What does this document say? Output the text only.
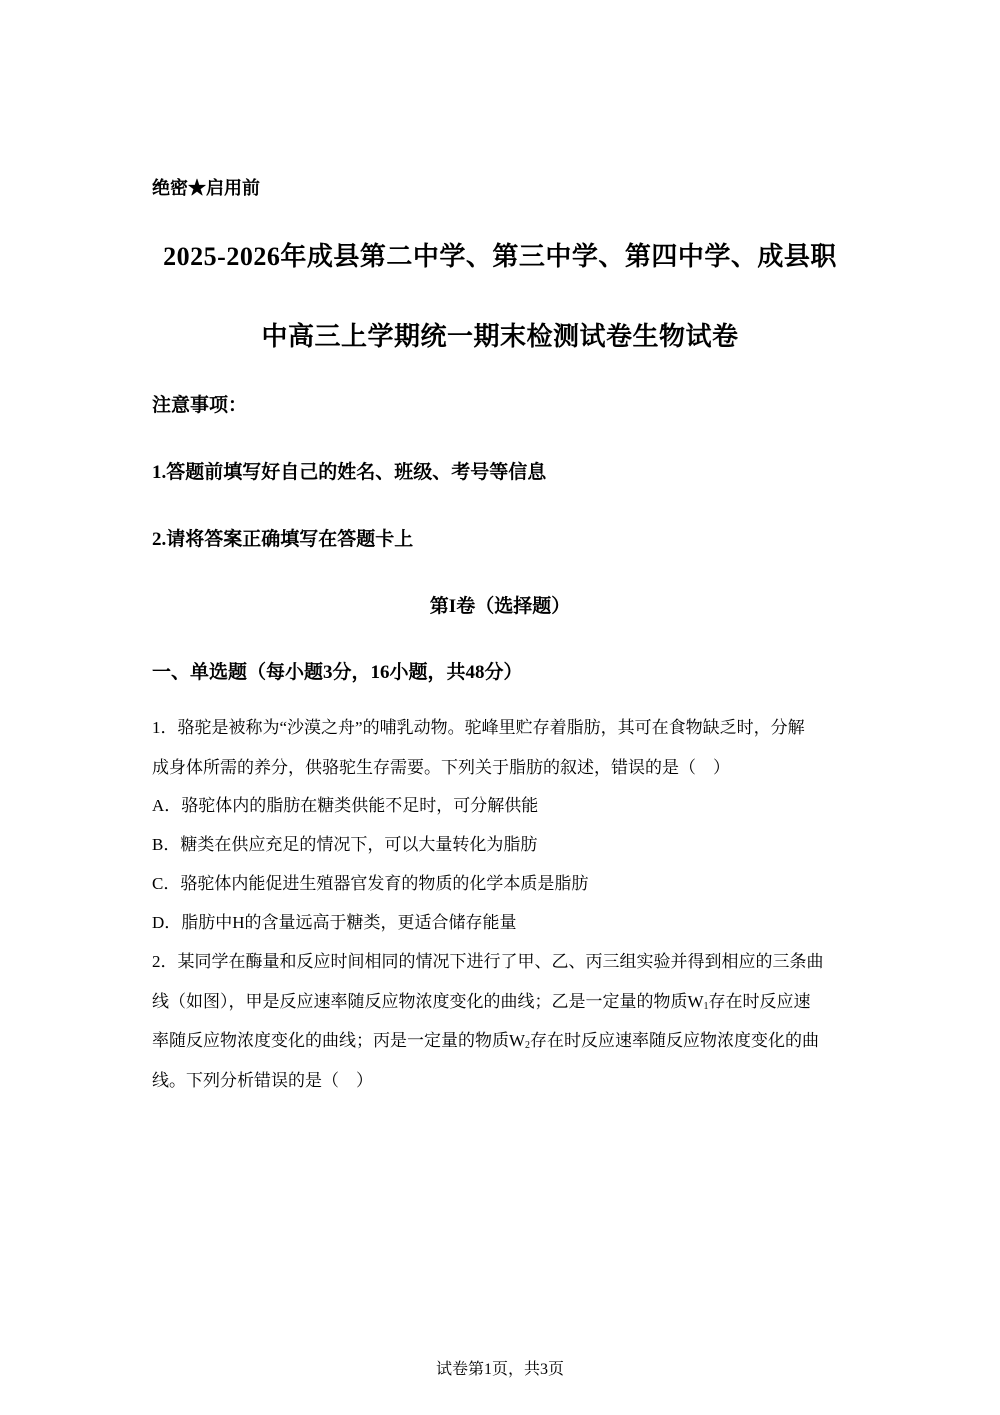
绝密★启用前
2025-2026年成县第二中学、第三中学、第四中学、成县职
中高三上学期统一期末检测试卷生物试卷
注意事项：
1.答题前填写好自己的姓名、班级、考号等信息
2.请将答案正确填写在答题卡上
第I卷（选择题）
一、单选题（每小题3分，16小题，共48分）
1．骆驼是被称为“沙漠之舟”的哺乳动物。驼峰里贮存着脂肪，其可在食物缺乏时，分解
成身体所需的养分，供骆驼生存需要。下列关于脂肪的叙述，错误的是（　）
A．骆驼体内的脂肪在糖类供能不足时，可分解供能
B．糖类在供应充足的情况下，可以大量转化为脂肪
C．骆驼体内能促进生殖器官发育的物质的化学本质是脂肪
D．脂肪中H的含量远高于糖类，更适合储存能量
2．某同学在酶量和反应时间相同的情况下进行了甲、乙、丙三组实验并得到相应的三条曲
线（如图），甲是反应速率随反应物浓度变化的曲线；乙是一定量的物质$W_1$存在时反应速
率随反应物浓度变化的曲线；丙是一定量的物质$W_2$存在时反应速率随反应物浓度变化的曲
线。下列分析错误的是（　）
试卷第1页，共3页
